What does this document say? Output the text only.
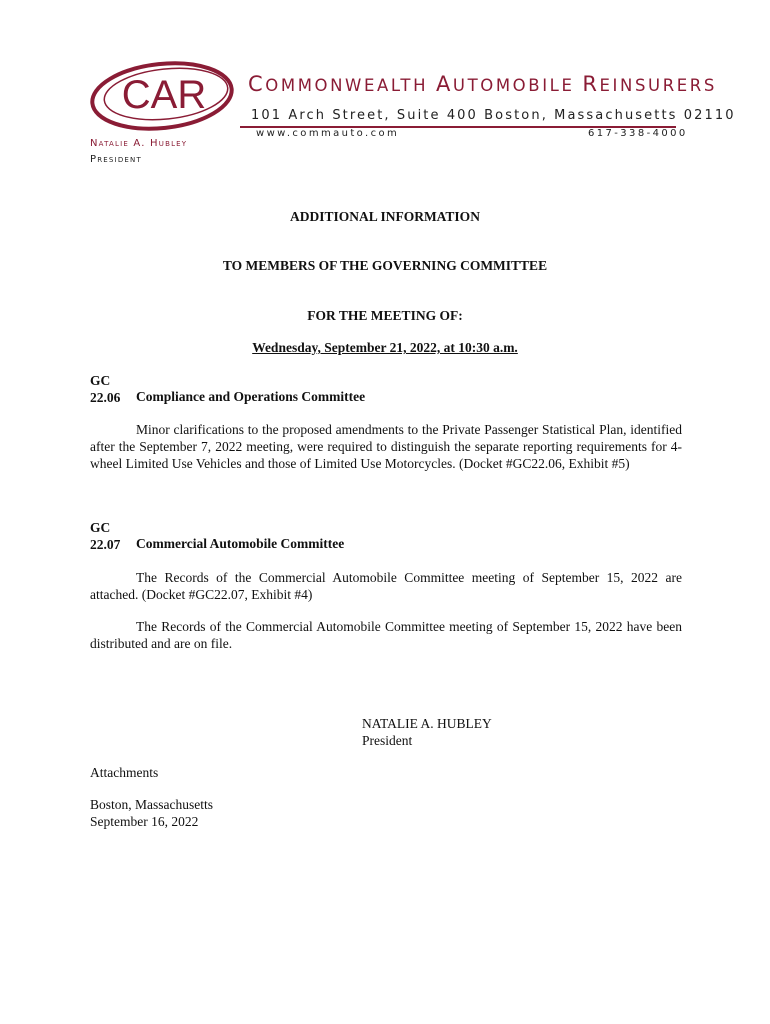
CAR COMMONWEALTH AUTOMOBILE REINSURERS
101 Arch Street, Suite 400 Boston, Massachusetts 02110
www.commauto.com	617-338-4000
Natalie A. Hubley
President
ADDITIONAL INFORMATION
TO MEMBERS OF THE GOVERNING COMMITTEE
FOR THE MEETING OF:
Wednesday, September 21, 2022, at 10:30 a.m.
GC
22.06 Compliance and Operations Committee
Minor clarifications to the proposed amendments to the Private Passenger Statistical Plan, identified after the September 7, 2022 meeting, were required to distinguish the separate reporting requirements for 4-wheel Limited Use Vehicles and those of Limited Use Motorcycles. (Docket #GC22.06, Exhibit #5)
GC
22.07 Commercial Automobile Committee
The Records of the Commercial Automobile Committee meeting of September 15, 2022 are attached. (Docket #GC22.07, Exhibit #4)
The Records of the Commercial Automobile Committee meeting of September 15, 2022 have been distributed and are on file.
NATALIE A. HUBLEY
President
Attachments
Boston, Massachusetts
September 16, 2022
